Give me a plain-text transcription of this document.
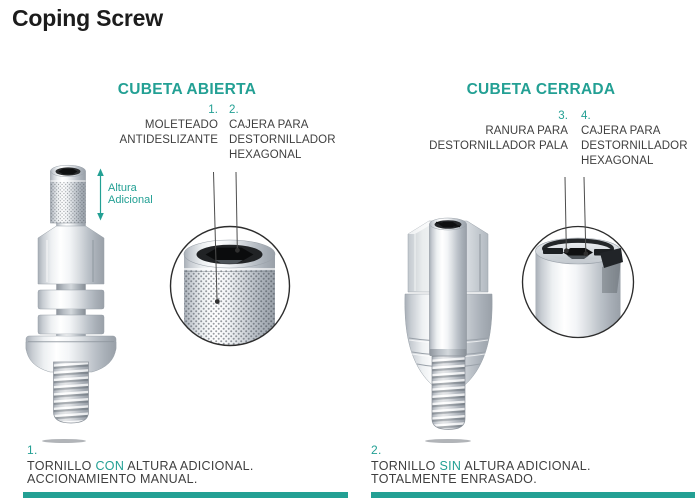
Coping Screw
CUBETA ABIERTA	CUBETA CERRADA
1.
MOLETEADO
ANTIDESLIZANTE
2.
CAJERA PARA
DESTORNILLADOR
HEXAGONAL
3.
RANURA PARA
DESTORNILLADOR PALA
4.
CAJERA PARA
DESTORNILLADOR
HEXAGONAL
Altura
Adicional
1.
TORNILLO CON ALTURA ADICIONAL.
ACCIONAMIENTO MANUAL.
2.
TORNILLO SIN ALTURA ADICIONAL.
TOTALMENTE ENRASADO.
